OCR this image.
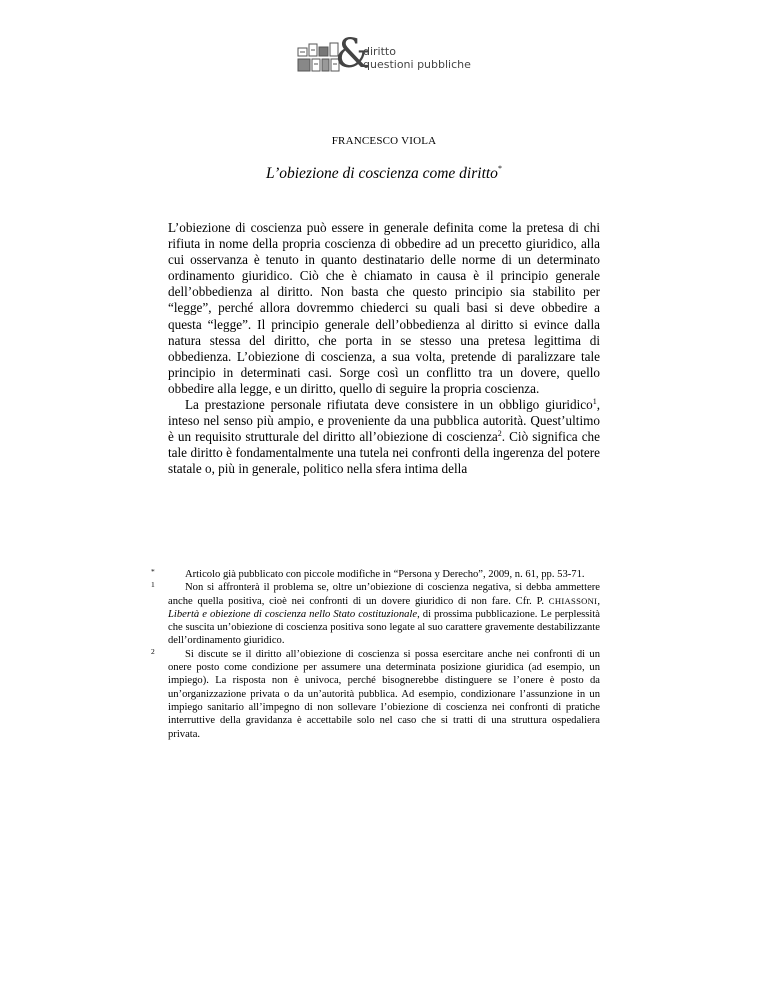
&
diritto
questioni pubbliche
FRANCESCO VIOLA
L’obiezione di coscienza come diritto*

L’obiezione di coscienza può essere in generale definita come la pretesa di chi rifiuta in nome della propria coscienza di obbedire ad un precetto giuridico, alla cui osservanza è tenuto in quanto destinatario delle norme di un determinato ordinamento giuridico. Ciò che è chiamato in causa è il principio generale dell’obbedienza al diritto. Non basta che questo principio sia stabilito per “legge”, perché allora dovremmo chiederci su quali basi si deve obbedire a questa “legge”. Il principio generale dell’obbedienza al diritto si evince dalla natura stessa del diritto, che porta in se stesso una pretesa legittima di obbedienza. L’obiezione di coscienza, a sua volta, pretende di paralizzare tale principio in determinati casi. Sorge così un conflitto tra un dovere, quello obbedire alla legge, e un diritto, quello di seguire la propria coscienza.

La prestazione personale rifiutata deve consistere in un obbligo giuridico$^1$, inteso nel senso più ampio, e proveniente da una pubblica autorità. Quest’ultimo è un requisito strutturale del diritto all’obiezione di coscienza$^2$. Ciò significa che tale diritto è fondamentalmente una tutela nei confronti della ingerenza del potere statale o, più in generale, politico nella sfera intima della

*	Articolo già pubblicato con piccole modifiche in “Persona y Derecho”, 2009, n. 61, pp. 53-71.

1	Non si affronterà il problema se, oltre un’obiezione di coscienza negativa, si debba ammettere anche quella positiva, cioè nei confronti di un dovere giuridico di non fare. Cfr. P. CHIASSONI, Libertà e obiezione di coscienza nello Stato costituzionale, di prossima pubblicazione. Le perplessità che suscita un’obiezione di coscienza positiva sono legate al suo carattere gravemente destabilizzante dell’ordinamento giuridico.

2	Si discute se il diritto all’obiezione di coscienza si possa esercitare anche nei confronti di un onere posto come condizione per assumere una determinata posizione giuridica (ad esempio, un impiego). La risposta non è univoca, perché bisognerebbe distinguere se l’onere è posto da un’organizzazione privata o da un’autorità pubblica. Ad esempio, condizionare l’assunzione in un impiego sanitario all’impegno di non sollevare l’obiezione di coscienza nei confronti di pratiche interruttive della gravidanza è accettabile solo nel caso che si tratti di una struttura ospedaliera privata.
